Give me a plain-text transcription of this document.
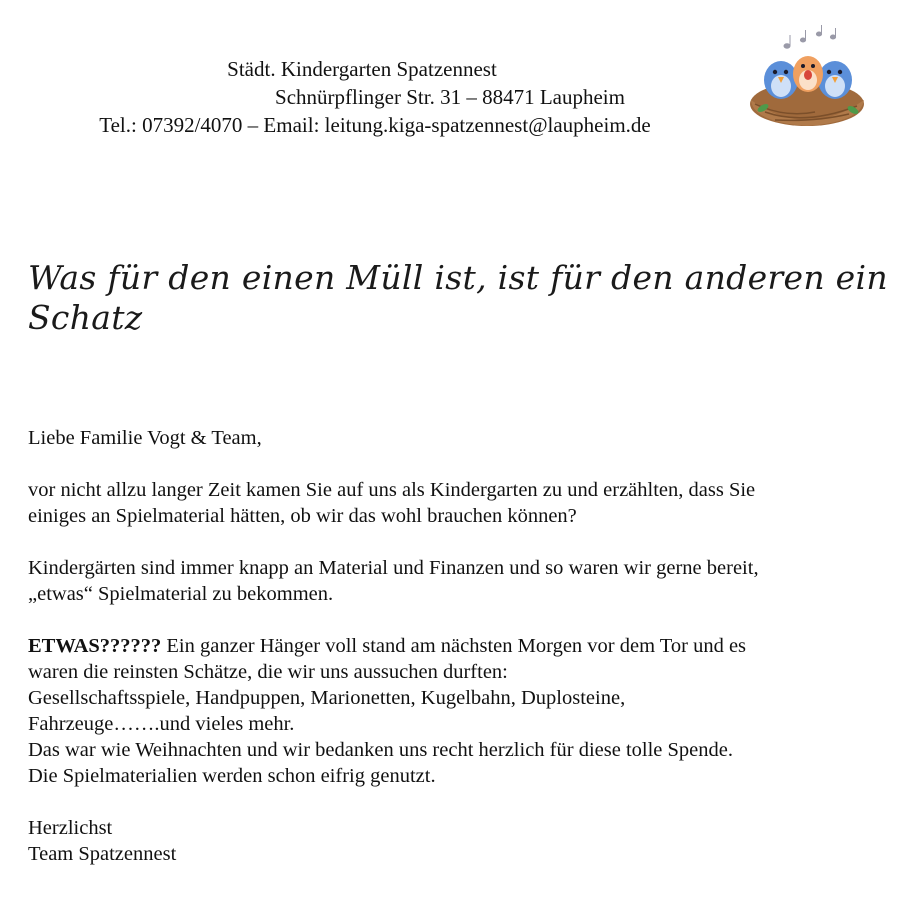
Städt. Kindergarten Spatzennest
Schnürpflinger Str. 31 – 88471 Laupheim
Tel.: 07392/4070 – Email: leitung.kiga-spatzennest@laupheim.de
Was für den einen Müll ist, ist für den anderen ein
Schatz

Liebe Familie Vogt & Team,

vor nicht allzu langer Zeit kamen Sie auf uns als Kindergarten zu und erzählten, dass Sie
einiges an Spielmaterial hätten, ob wir das wohl brauchen können?

Kindergärten sind immer knapp an Material und Finanzen und so waren wir gerne bereit,
„etwas“ Spielmaterial zu bekommen.

ETWAS?????? Ein ganzer Hänger voll stand am nächsten Morgen vor dem Tor und es
waren die reinsten Schätze, die wir uns aussuchen durften:
Gesellschaftsspiele, Handpuppen, Marionetten, Kugelbahn, Duplosteine,
Fahrzeuge…….und vieles mehr.
Das war wie Weihnachten und wir bedanken uns recht herzlich für diese tolle Spende.
Die Spielmaterialien werden schon eifrig genutzt.

Herzlichst
Team Spatzennest
